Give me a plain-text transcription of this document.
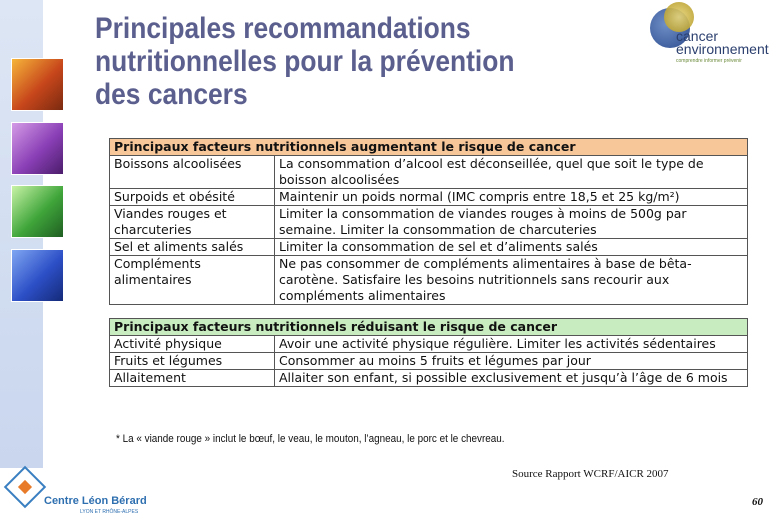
Principales recommandations nutritionnelles pour la prévention des cancers
cancer
environnement
comprendre informer prévenir
Principaux facteurs nutritionnels augmentant le risque de cancer	
Boissons alcoolisées	La consommation d’alcool est déconseillée, quel que soit le type de boisson alcoolisées
Surpoids et obésité	Maintenir un poids normal (IMC compris entre 18,5 et 25 kg/m²)
Viandes rouges et charcuteries	Limiter la consommation de viandes rouges à moins de 500g par semaine. Limiter la consommation de charcuteries
Sel et aliments salés	Limiter la consommation de sel et d’aliments salés
Compléments alimentaires	Ne pas consommer de compléments alimentaires à base de bêta-carotène. Satisfaire les besoins nutritionnels sans recourir aux compléments alimentaires
Principaux facteurs nutritionnels réduisant le risque de cancer	
Activité physique	Avoir une activité physique régulière. Limiter les activités sédentaires
Fruits et légumes	Consommer au moins 5 fruits et légumes par jour
Allaitement	Allaiter son enfant, si possible exclusivement et jusqu’à l’âge de 6 mois
* La « viande rouge » inclut le bœuf, le veau, le mouton, l’agneau, le porc et le chevreau.
Source Rapport WCRF/AICR 2007
60
Centre Léon Bérard
LYON ET RHÔNE-ALPES
